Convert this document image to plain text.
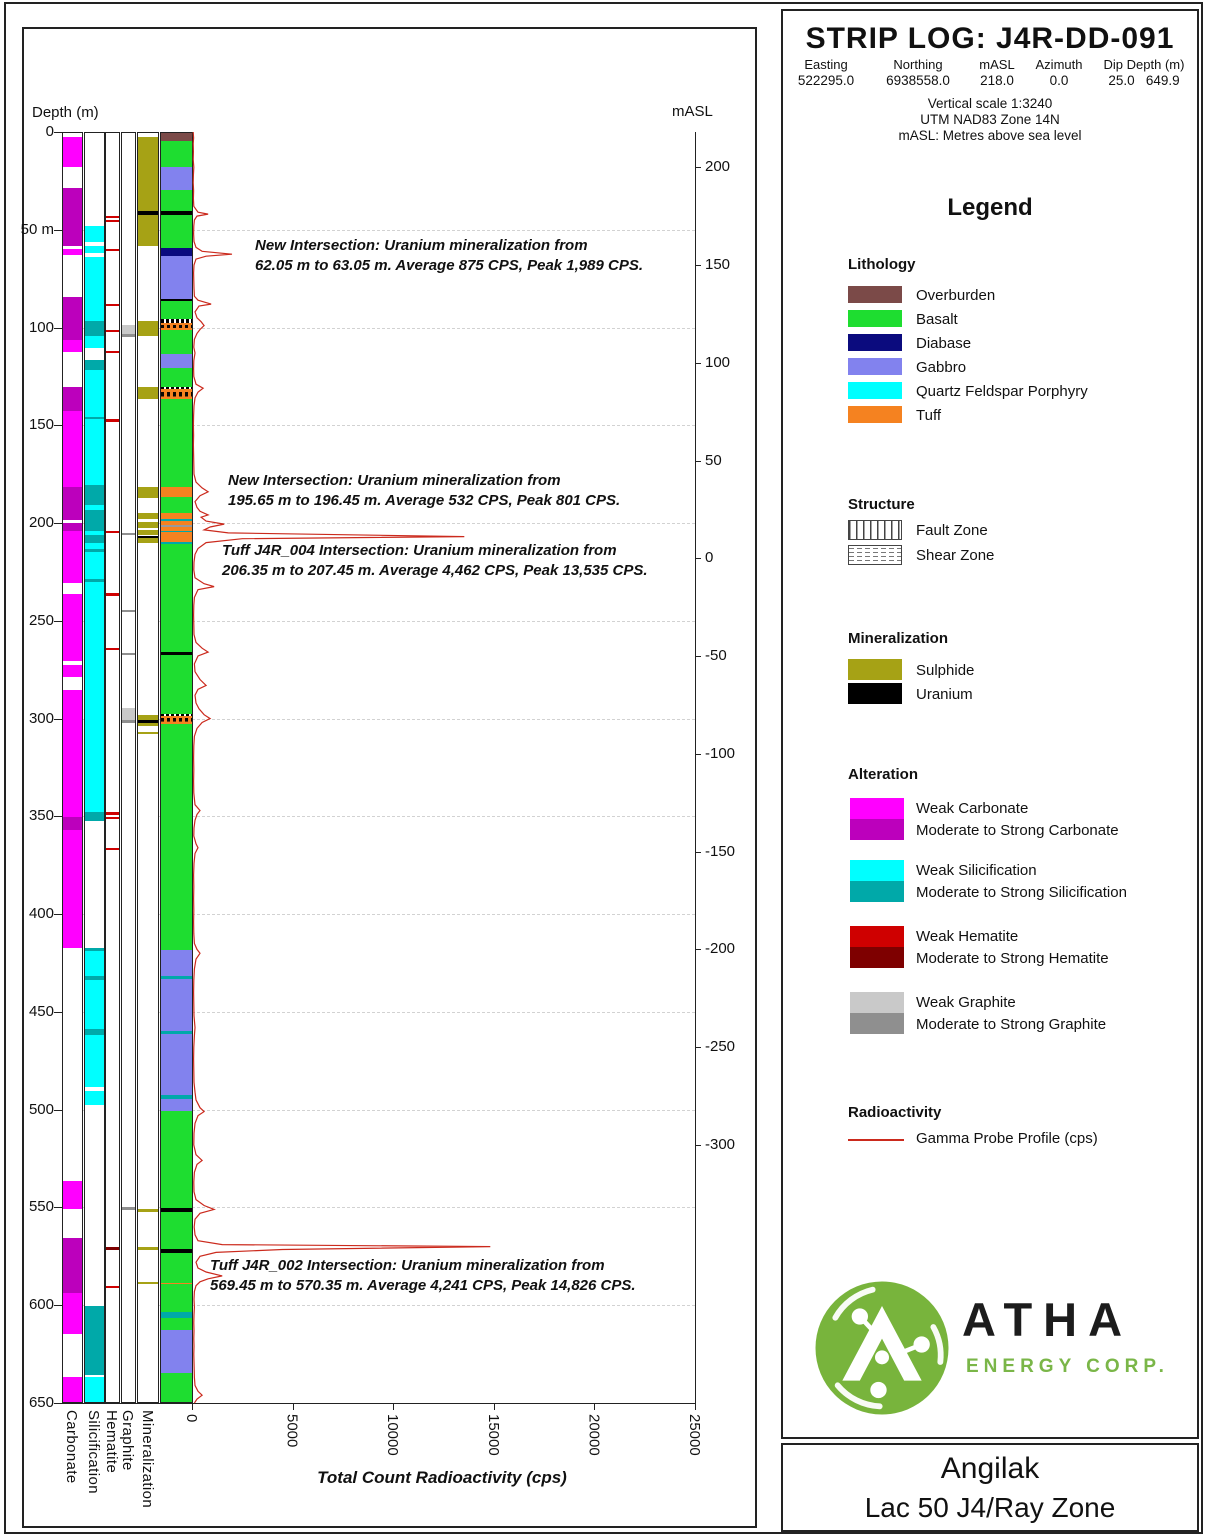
Depth (m)	mASL
Total Count Radioactivity (cps)
Carbonate Silicification Hematite Graphite Mineralization
0
50 m
100
150
200
250
300
350
400
450
500
550
600
650
200
150
100
50
0
-50
-100
-150
-200
-250
-300
0	5000	10000	15000	20000	25000
New Intersection: Uranium mineralization from
62.05 m to 63.05 m. Average 875 CPS, Peak 1,989 CPS.
New Intersection: Uranium mineralization from
195.65 m to 196.45 m. Average 532 CPS, Peak 801 CPS.
Tuff J4R_004 Intersection: Uranium mineralization from
206.35 m to 207.45 m. Average 4,462 CPS, Peak 13,535 CPS.
Tuff J4R_002 Intersection: Uranium mineralization from
569.45 m to 570.35 m. Average 4,241 CPS, Peak 14,826 CPS.
STRIP LOG: J4R-DD-091
Easting	Northing	mASL	Azimuth	Dip Depth (m)
522295.0	6938558.0	218.0	0.0	25.0   649.9
Vertical scale 1:3240
UTM NAD83 Zone 14N
mASL: Metres above sea level
Legend
Lithology
Overburden
Basalt
Diabase
Gabbro
Quartz Feldspar Porphyry
Tuff
Structure
Fault Zone
Shear Zone
Mineralization
Sulphide
Uranium
Alteration
Weak Carbonate
Moderate to Strong Carbonate
Weak Silicification
Moderate to Strong Silicification
Weak Hematite
Moderate to Strong Hematite
Weak Graphite
Moderate to Strong Graphite
Radioactivity
Gamma Probe Profile (cps)
ATHA
ENERGY CORP.
Angilak
Lac 50 J4/Ray Zone
